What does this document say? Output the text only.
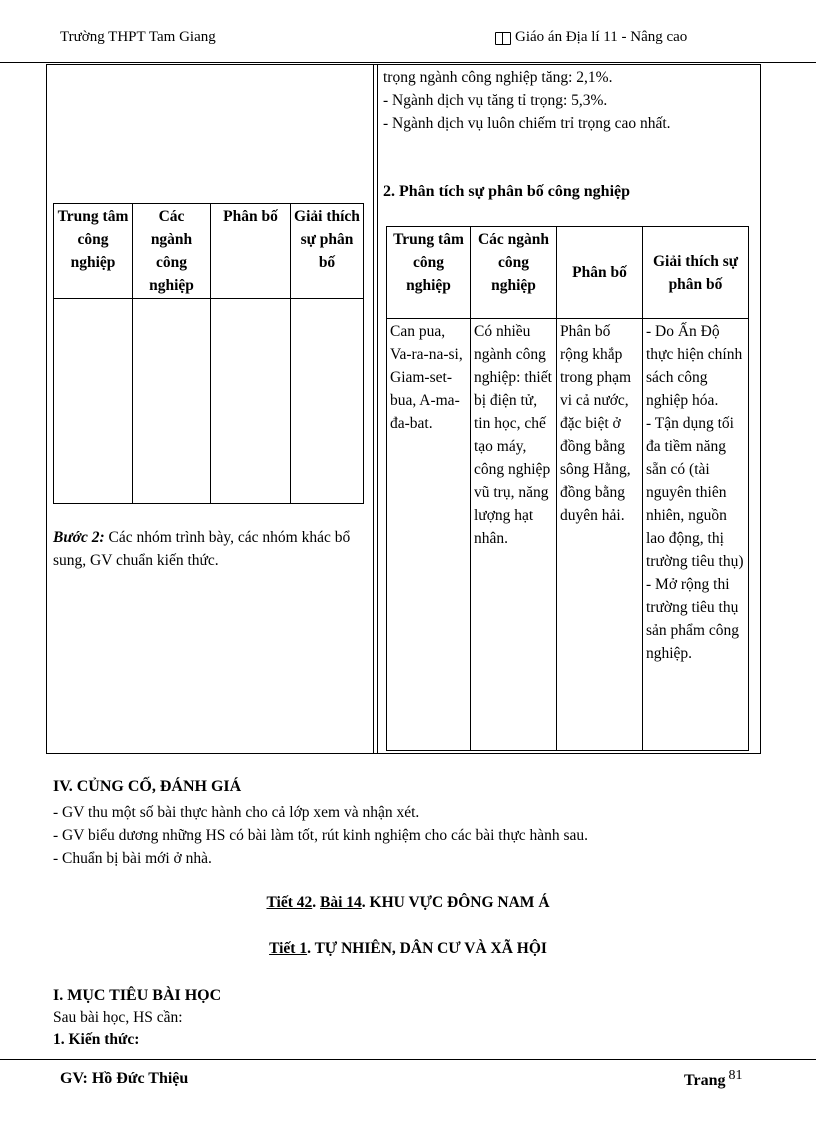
Trường THPT Tam Giang	Giáo án Địa lí 11 - Nâng cao
trọng ngành công nghiệp tăng: 2,1%.
- Ngành dịch vụ tăng tỉ trọng: 5,3%.
- Ngành dịch vụ luôn chiếm trỉ trọng cao nhất.
2. Phân tích sự phân bố công nghiệp
Trung tâm công nghiệp	Các ngành công nghiệp	Phân bố	Giải thích sự phân bố

Bước 2: Các nhóm trình bày, các nhóm khác bổ sung, GV chuẩn kiến thức.
Trung tâm công nghiệp	Các ngành công nghiệp	Phân bố	Giải thích sự phân bố
Can pua, Va-ra-na-si, Giam-set-bua, A-ma-đa-bat.	Có nhiều ngành công nghiệp: thiết bị điện tử, tin học, chế tạo máy, công nghiệp vũ trụ, năng lượng hạt nhân.	Phân bố rộng khắp trong phạm vi cả nước, đặc biệt ở đồng bằng sông Hằng, đồng bằng duyên hải.	- Do Ấn Độ thực hiện chính sách công nghiệp hóa.
- Tận dụng tối đa tiềm năng sẵn có (tài nguyên thiên nhiên, nguồn lao động, thị trường tiêu thụ)
- Mở rộng thi trường tiêu thụ sản phẩm công nghiệp.
IV. CỦNG CỐ, ĐÁNH GIÁ
- GV thu một số bài thực hành cho cả lớp xem và nhận xét.
- GV biểu dương những HS có bài làm tốt, rút kinh nghiệm cho các bài thực hành sau.
- Chuẩn bị bài mới ở nhà.
Tiết 42. Bài 14. KHU VỰC ĐÔNG NAM Á
Tiết 1. TỰ NHIÊN, DÂN CƯ VÀ XÃ HỘI
I. MỤC TIÊU BÀI HỌC
Sau bài học, HS cần:
1. Kiến thức:
GV: Hồ Đức Thiệu	Trang $^{81}$
